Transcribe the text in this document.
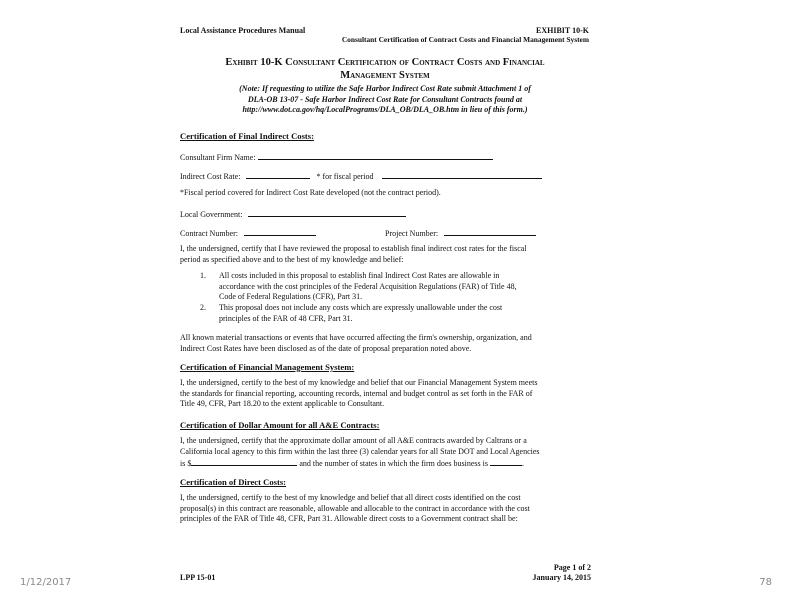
Local Assistance Procedures Manual	EXHIBIT 10-K
Consultant Certification of Contract Costs and Financial Management System
Exhibit 10-K Consultant Certification of Contract Costs and Financial
Management System
(Note: If requesting to utilize the Safe Harbor Indirect Cost Rate submit Attachment 1 of
DLA-OB 13-07 - Safe Harbor Indirect Cost Rate for Consultant Contracts found at
http://www.dot.ca.gov/hq/LocalPrograms/DLA_OB/DLA_OB.htm in lieu of this form.)
Certification of Final Indirect Costs:
Consultant Firm Name:
Indirect Cost Rate:	* for fiscal period
*Fiscal period covered for Indirect Cost Rate developed (not the contract period).
Local Government:
Contract Number:	Project Number:
I, the undersigned, certify that I have reviewed the proposal to establish final indirect cost rates for the fiscal
period as specified above and to the best of my knowledge and belief:
1. All costs included in this proposal to establish final Indirect Cost Rates are allowable in
accordance with the cost principles of the Federal Acquisition Regulations (FAR) of Title 48,
Code of Federal Regulations (CFR), Part 31.
2. This proposal does not include any costs which are expressly unallowable under the cost
principles of the FAR of 48 CFR, Part 31.
All known material transactions or events that have occurred affecting the firm's ownership, organization, and
Indirect Cost Rates have been disclosed as of the date of proposal preparation noted above.
Certification of Financial Management System:
I, the undersigned, certify to the best of my knowledge and belief that our Financial Management System meets
the standards for financial reporting, accounting records, internal and budget control as set forth in the FAR of
Title 49, CFR, Part 18.20 to the extent applicable to Consultant.
Certification of Dollar Amount for all A&E Contracts:
I, the undersigned, certify that the approximate dollar amount of all A&E contracts awarded by Caltrans or a
California local agency to this firm within the last three (3) calendar years for all State DOT and Local Agencies
is $	and the number of states in which the firm does business is	.
Certification of Direct Costs:
I, the undersigned, certify to the best of my knowledge and belief that all direct costs identified on the cost
proposal(s) in this contract are reasonable, allowable and allocable to the contract in accordance with the cost
principles of the FAR of Title 48, CFR, Part 31. Allowable direct costs to a Government contract shall be:
LPP 15-01
Page 1 of 2
January 14, 2015
1/12/2017	78
